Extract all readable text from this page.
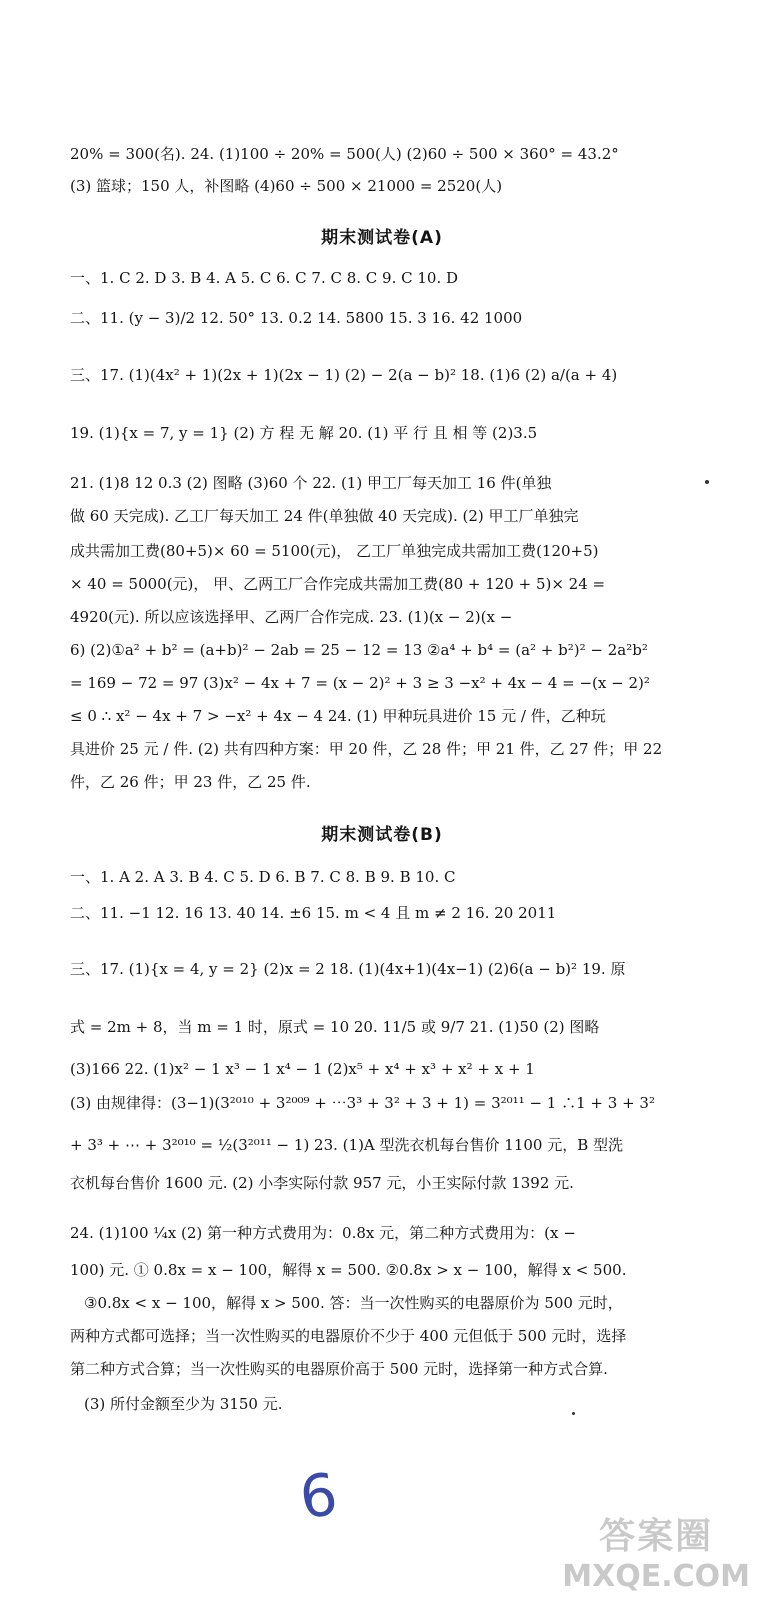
20% = 300(名). 24. (1)100 ÷ 20% = 500(人) (2)60 ÷ 500 × 360° = 43.2°
(3) 篮球；150 人，补图略 (4)60 ÷ 500 × 21000 = 2520(人)
期末测试卷(A)
一、1. C 2. D 3. B 4. A 5. C 6. C 7. C 8. C 9. C 10. D
二、11. (y − 3)/2 12. 50° 13. 0.2 14. 5800 15. 3 16. 42 1000
三、17. (1)(4x² + 1)(2x + 1)(2x − 1) (2) − 2(a − b)² 18. (1)6 (2) a/(a + 4)
19. (1){x = 7, y = 1} (2) 方 程 无 解 20. (1) 平 行 且 相 等 (2)3.5
21. (1)8 12 0.3 (2) 图略 (3)60 个 22. (1) 甲工厂每天加工 16 件(单独
做 60 天完成). 乙工厂每天加工 24 件(单独做 40 天完成). (2) 甲工厂单独完
成共需加工费(80+5)× 60 = 5100(元)， 乙工厂单独完成共需加工费(120+5)
× 40 = 5000(元)， 甲、乙两工厂合作完成共需加工费(80 + 120 + 5)× 24 =
4920(元). 所以应该选择甲、乙两厂合作完成. 23. (1)(x − 2)(x −
6) (2)①a² + b² = (a+b)² − 2ab = 25 − 12 = 13 ②a⁴ + b⁴ = (a² + b²)² − 2a²b²
= 169 − 72 = 97 (3)x² − 4x + 7 = (x − 2)² + 3 ≥ 3 −x² + 4x − 4 = −(x − 2)²
≤ 0 ∴ x² − 4x + 7 > −x² + 4x − 4 24. (1) 甲种玩具进价 15 元 / 件，乙种玩
具进价 25 元 / 件. (2) 共有四种方案：甲 20 件，乙 28 件；甲 21 件，乙 27 件；甲 22
件，乙 26 件；甲 23 件，乙 25 件.
期末测试卷(B)
一、1. A 2. A 3. B 4. C 5. D 6. B 7. C 8. B 9. B 10. C
二、11. −1 12. 16 13. 40 14. ±6 15. m < 4 且 m ≠ 2 16. 20 2011
三、17. (1){x = 4, y = 2} (2)x = 2 18. (1)(4x+1)(4x−1) (2)6(a − b)² 19. 原
式 = 2m + 8，当 m = 1 时，原式 = 10 20. 11/5 或 9/7 21. (1)50 (2) 图略
(3)166 22. (1)x² − 1 x³ − 1 x⁴ − 1 (2)x⁵ + x⁴ + x³ + x² + x + 1
(3) 由规律得：(3−1)(3²⁰¹⁰ + 3²⁰⁰⁹ + ⋯3³ + 3² + 3 + 1) = 3²⁰¹¹ − 1 ∴1 + 3 + 3²
+ 3³ + ⋯ + 3²⁰¹⁰ = ½(3²⁰¹¹ − 1) 23. (1)A 型洗衣机每台售价 1100 元，B 型洗
衣机每台售价 1600 元. (2) 小李实际付款 957 元，小王实际付款 1392 元.
24. (1)100 ¼x (2) 第一种方式费用为：0.8x 元，第二种方式费用为：(x −
100) 元. ① 0.8x = x − 100，解得 x = 500. ②0.8x > x − 100，解得 x < 500.
③0.8x < x − 100，解得 x > 500. 答：当一次性购买的电器原价为 500 元时，
两种方式都可选择；当一次性购买的电器原价不少于 400 元但低于 500 元时，选择
第二种方式合算；当一次性购买的电器原价高于 500 元时，选择第一种方式合算.
(3) 所付金额至少为 3150 元.
6
答案圈
MXQE.COM
